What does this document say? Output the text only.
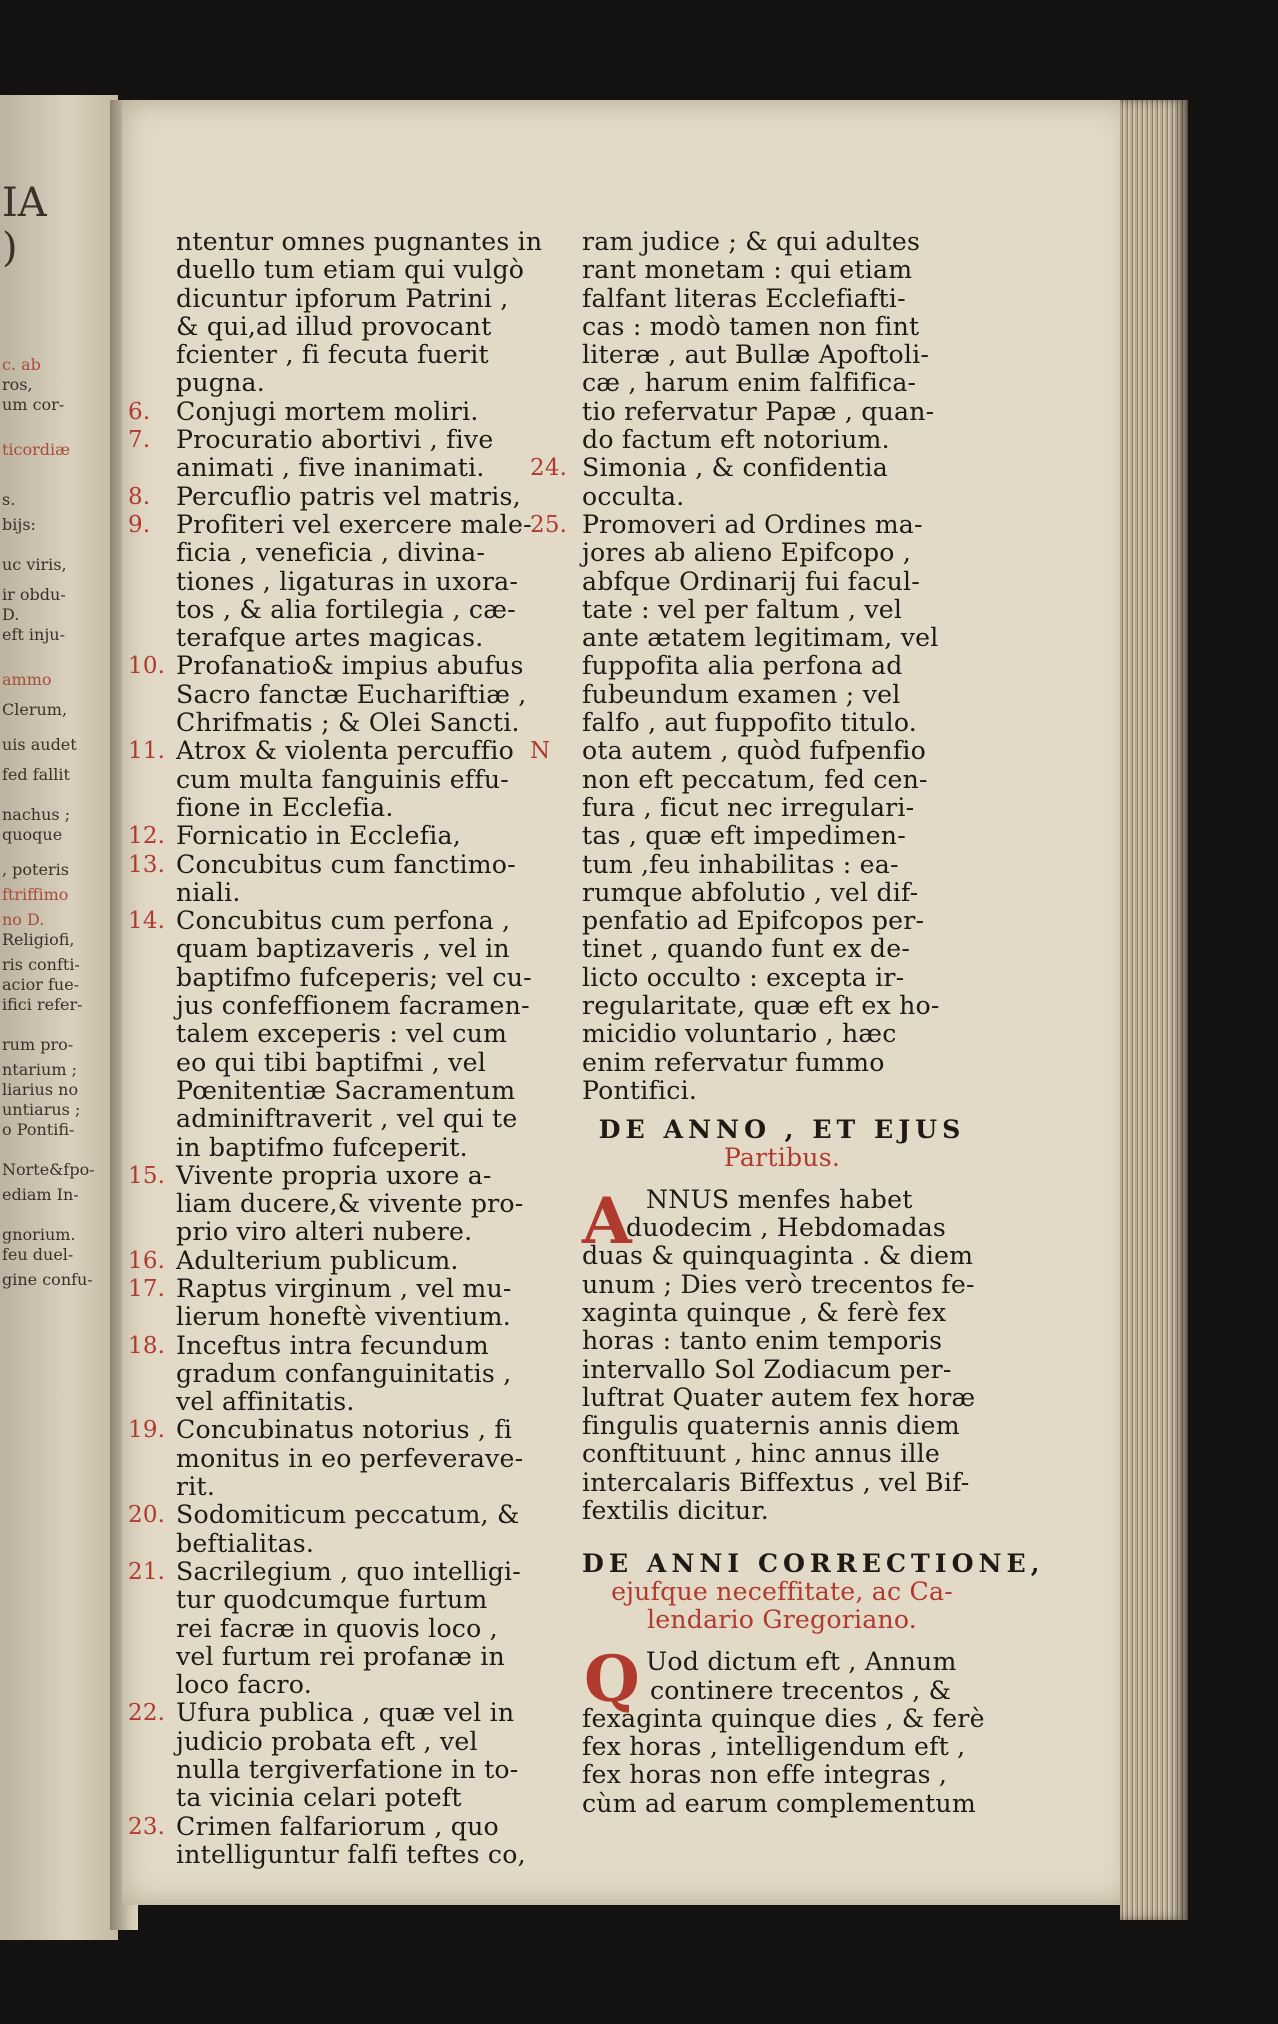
IA
)
c. ab
ros,
um cor-
ticordiæ
s.
bijs:
uc viris,
ir obdu-
D.
eft inju-
ammo
Clerum,
uis audet
fed fallit
nachus ;
quoque
, poteris
ftriffimo
no D.
Religiofi,
ris confti-
acior fue-
ifici refer-
rum pro-
ntarium ;
liarius no
untiarus ;
o Pontifi-
Norte&fpo-
ediam In-
gnorium.
feu duel-
gine confu-
ntentur omnes pugnantes in
duello tum etiam qui vulgò
dicuntur ipforum Patrini ,
& qui,ad illud provocant
fcienter , fi fecuta fuerit
pugna.
6. Conjugi mortem moliri.
7. Procuratio abortivi , five
animati , five inanimati.
8. Percuflio patris vel matris,
9. Profiteri vel exercere male-
ficia , veneficia , divina-
tiones , ligaturas in uxora-
tos , & alia fortilegia , cæ-
terafque artes magicas.
10. Profanatio& impius abufus
Sacro fanctæ Euchariftiæ ,
Chrifmatis ; & Olei Sancti.
11. Atrox & violenta percuffio
cum multa fanguinis effu-
fione in Ecclefia.
12. Fornicatio in Ecclefia,
13. Concubitus cum fanctimo-
niali.
14. Concubitus cum perfona ,
quam baptizaveris , vel in
baptifmo fufceperis; vel cu-
jus confeffionem facramen-
talem exceperis : vel cum
eo qui tibi baptifmi , vel
Pœnitentiæ Sacramentum
adminiftraverit , vel qui te
in baptifmo fufceperit.
15. Vivente propria uxore a-
liam ducere,& vivente pro-
prio viro alteri nubere.
16. Adulterium publicum.
17. Raptus virginum , vel mu-
lierum honeftè viventium.
18. Inceftus intra fecundum
gradum confanguinitatis ,
vel affinitatis.
19. Concubinatus notorius , fi
monitus in eo perfeverave-
rit.
20. Sodomiticum peccatum, &
beftialitas.
21. Sacrilegium , quo intelligi-
tur quodcumque furtum
rei facræ in quovis loco ,
vel furtum rei profanæ in
loco facro.
22. Ufura publica , quæ vel in
judicio probata eft , vel
nulla tergiverfatione in to-
ta vicinia celari poteft
23. Crimen falfariorum , quo
intelliguntur falfi teftes co,
ram judice ; & qui adultes
rant monetam : qui etiam
falfant literas Ecclefiafti-
cas : modò tamen non fint
literæ , aut Bullæ Apoftoli-
cæ , harum enim falfifica-
tio refervatur Papæ , quan-
do factum eft notorium.
24. Simonia , & confidentia
occulta.
25. Promoveri ad Ordines ma-
jores ab alieno Epifcopo ,
abfque Ordinarij fui facul-
tate : vel per faltum , vel
ante ætatem legitimam, vel
fuppofita alia perfona ad
fubeundum examen ; vel
falfo , aut fuppofito titulo.
N ota autem , quòd fufpenfio
non eft peccatum, fed cen-
fura , ficut nec irregulari-
tas , quæ eft impedimen-
tum ,feu inhabilitas : ea-
rumque abfolutio , vel dif-
penfatio ad Epifcopos per-
tinet , quando funt ex de-
licto occulto : excepta ir-
regularitate, quæ eft ex ho-
micidio voluntario , hæc
enim refervatur fummo
Pontifici.
DE ANNO , ET EJUS
Partibus.
A NNUS menfes habet
duodecim , Hebdomadas
duas & quinquaginta . & diem
unum ; Dies verò trecentos fe-
xaginta quinque , & ferè fex
horas : tanto enim temporis
intervallo Sol Zodiacum per-
luftrat Quater autem fex horæ
fingulis quaternis annis diem
conftituunt , hinc annus ille
intercalaris Biffextus , vel Bif-
fextilis dicitur.
DE ANNI CORRECTIONE,
ejufque neceffitate, ac Ca-
lendario Gregoriano.
Q Uod dictum eft , Annum
continere trecentos , &
fexaginta quinque dies , & ferè
fex horas , intelligendum eft ,
fex horas non effe integras ,
cùm ad earum complementum
